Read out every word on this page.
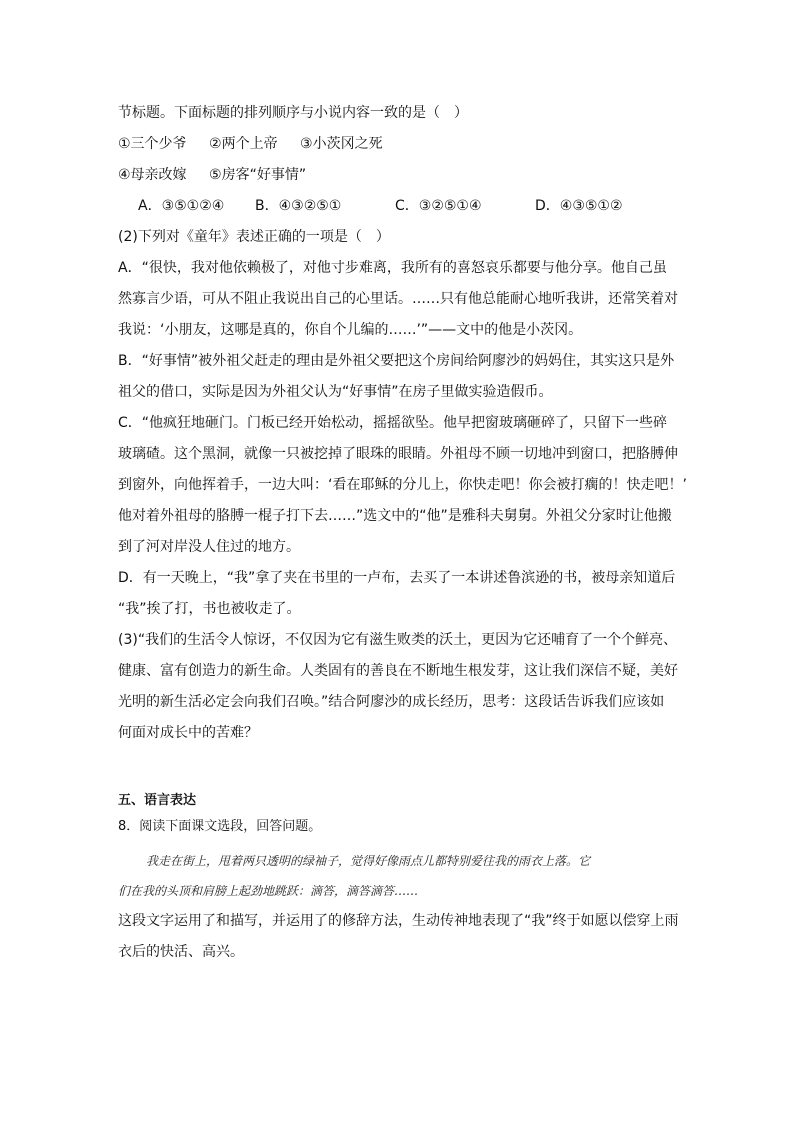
节标题。下面标题的排列顺序与小说内容一致的是（　）
①三个少爷 ②两个上帝 ③小茨冈之死
④母亲改嫁 ⑤房客“好事情”
A．③⑤①②④ B．④③②⑤①	C．③②⑤①④	D．④③⑤①②
(2)下列对《童年》表述正确的一项是（　）
A．“很快，我对他依赖极了，对他寸步难离，我所有的喜怒哀乐都要与他分享。他自己虽
然寡言少语，可从不阻止我说出自己的心里话。……只有他总能耐心地听我讲，还常笑着对
我说：‘小朋友，这哪是真的，你自个儿编的……’”——文中的他是小茨冈。
B．“好事情”被外祖父赶走的理由是外祖父要把这个房间给阿廖沙的妈妈住，其实这只是外
祖父的借口，实际是因为外祖父认为“好事情”在房子里做实验造假币。
C．“他疯狂地砸门。门板已经开始松动，摇摇欲坠。他早把窗玻璃砸碎了，只留下一些碎
玻璃碴。这个黑洞，就像一只被挖掉了眼珠的眼睛。外祖母不顾一切地冲到窗口，把胳膊伸
到窗外，向他挥着手，一边大叫：‘看在耶稣的分儿上，你快走吧！你会被打瘸的！快走吧！’
他对着外祖母的胳膊一棍子打下去……”选文中的“他”是雅科夫舅舅。外祖父分家时让他搬
到了河对岸没人住过的地方。
D．有一天晚上，“我”拿了夹在书里的一卢布，去买了一本讲述鲁滨逊的书，被母亲知道后
“我”挨了打，书也被收走了。
(3)“我们的生活令人惊讶，不仅因为它有滋生败类的沃土，更因为它还哺育了一个个鲜亮、
健康、富有创造力的新生命。人类固有的善良在不断地生根发芽，这让我们深信不疑，美好
光明的新生活必定会向我们召唤。”结合阿廖沙的成长经历，思考：这段话告诉我们应该如
何面对成长中的苦难？
五、语言表达
8．阅读下面课文选段，回答问题。
我走在街上，甩着两只透明的绿袖子，觉得好像雨点儿都特别爱往我的雨衣上落。它
们在我的头顶和肩膀上起劲地跳跃：滴答，滴答滴答……
这段文字运用了和描写，并运用了的修辞方法，生动传神地表现了“我”终于如愿以偿穿上雨
衣后的快活、高兴。
